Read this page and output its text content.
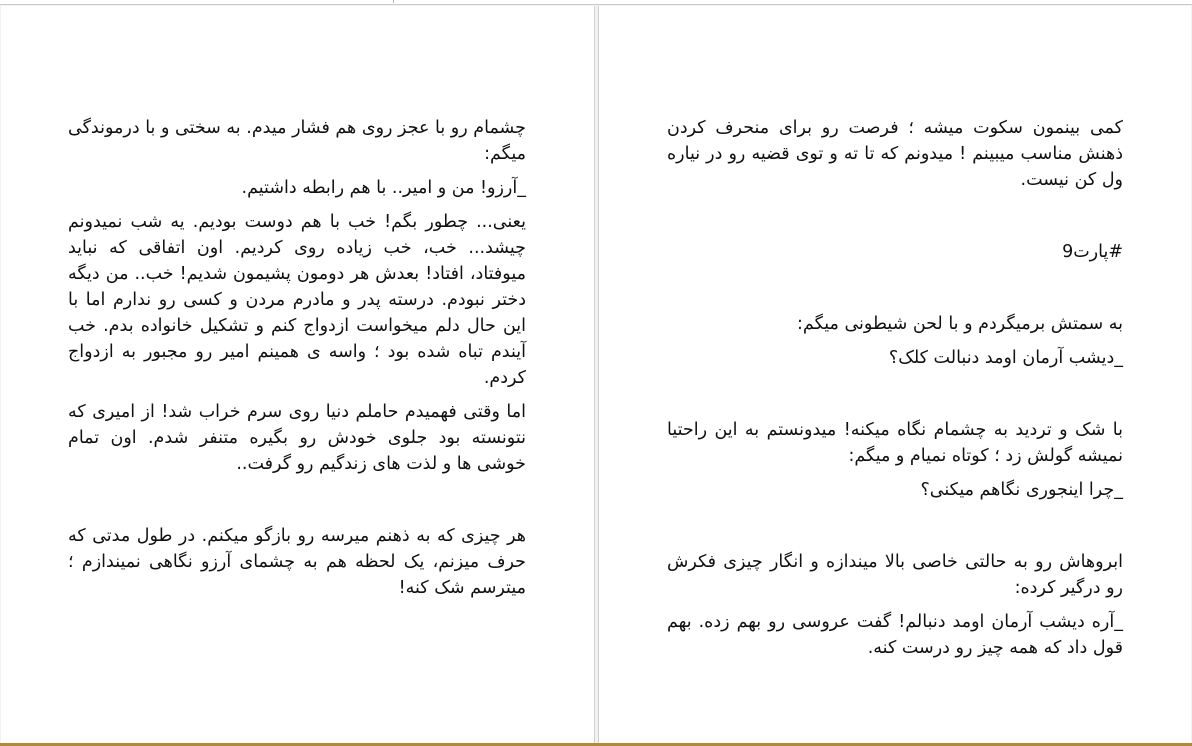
چشمام رو با عجز روی هم فشار میدم. به سختی و با درموندگی میگم:

_آرزو! من و امیر.. با هم رابطه داشتیم.

یعنی... چطور بگم! خب با هم دوست بودیم. یه شب نمیدونم چیشد... خب، خب زیاده روی کردیم. اون اتفاقی که نباید میوفتاد، افتاد! بعدش هر دومون پشیمون شدیم! خب.. من دیگه دختر نبودم. درسته پدر و مادرم مردن و کسی رو ندارم اما با این حال دلم میخواست ازدواج کنم و تشکیل خانواده بدم. خب آیندم تباه شده بود ؛ واسه ی همینم امیر رو مجبور به ازدواج کردم.

اما وقتی فهمیدم حاملم دنیا روی سرم خراب شد! از امیری که نتونسته بود جلوی خودش رو بگیره متنفر شدم. اون تمام خوشی ها و لذت های زندگیم رو گرفت..

هر چیزی که به ذهنم میرسه رو بازگو میکنم. در طول مدتی که حرف میزنم، یک لحظه هم به چشمای آرزو نگاهی نمیندازم ؛ میترسم شک کنه!

کمی بینمون سکوت میشه ؛ فرصت رو برای منحرف کردن ذهنش مناسب میبینم ! میدونم که تا ته و توی قضیه رو در نیاره ول کن نیست.

#پارت9

به سمتش برمیگردم و با لحن شیطونی میگم:

_دیشب آرمان اومد دنبالت کلک؟

با شک و تردید به چشمام نگاه میکنه! میدونستم به این راحتیا نمیشه گولش زد ؛ کوتاه نمیام و میگم:

_چرا اینجوری نگاهم میکنی؟

ابروهاش رو به حالتی خاصی بالا میندازه و انگار چیزی فکرش رو درگیر کرده:

_آره دیشب آرمان اومد دنبالم! گفت عروسی رو بهم زده. بهم قول داد که همه چیز رو درست کنه.
